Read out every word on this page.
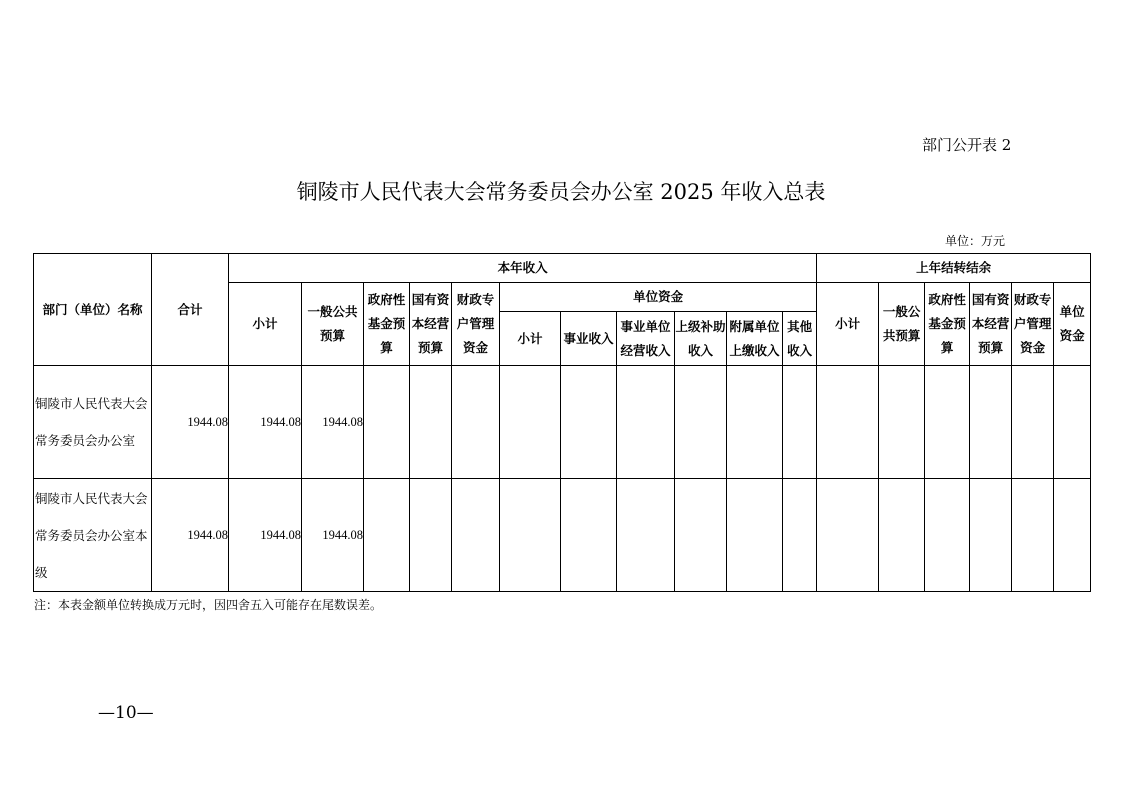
部门公开表 2
铜陵市人民代表大会常务委员会办公室 2025 年收入总表
单位：万元
部门（单位）名称	合计	本年收入											上年结转结余					
		小计	一般公共预算	政府性基金预算	国有资本经营预算	财政专户管理资金	单位资金						小计	一般公共预算	政府性基金预算	国有资本经营预算	财政专户管理资金	单位资金
							小计	事业收入	事业单位经营收入	上级补助收入	附属单位上缴收入	其他收入						
铜陵市人民代表大会常务委员会办公室	1944.08	1944.08	1944.08															
铜陵市人民代表大会常务委员会办公室本级	1944.08	1944.08	1944.08															
注：本表金额单位转换成万元时，因四舍五入可能存在尾数误差。
—10—
